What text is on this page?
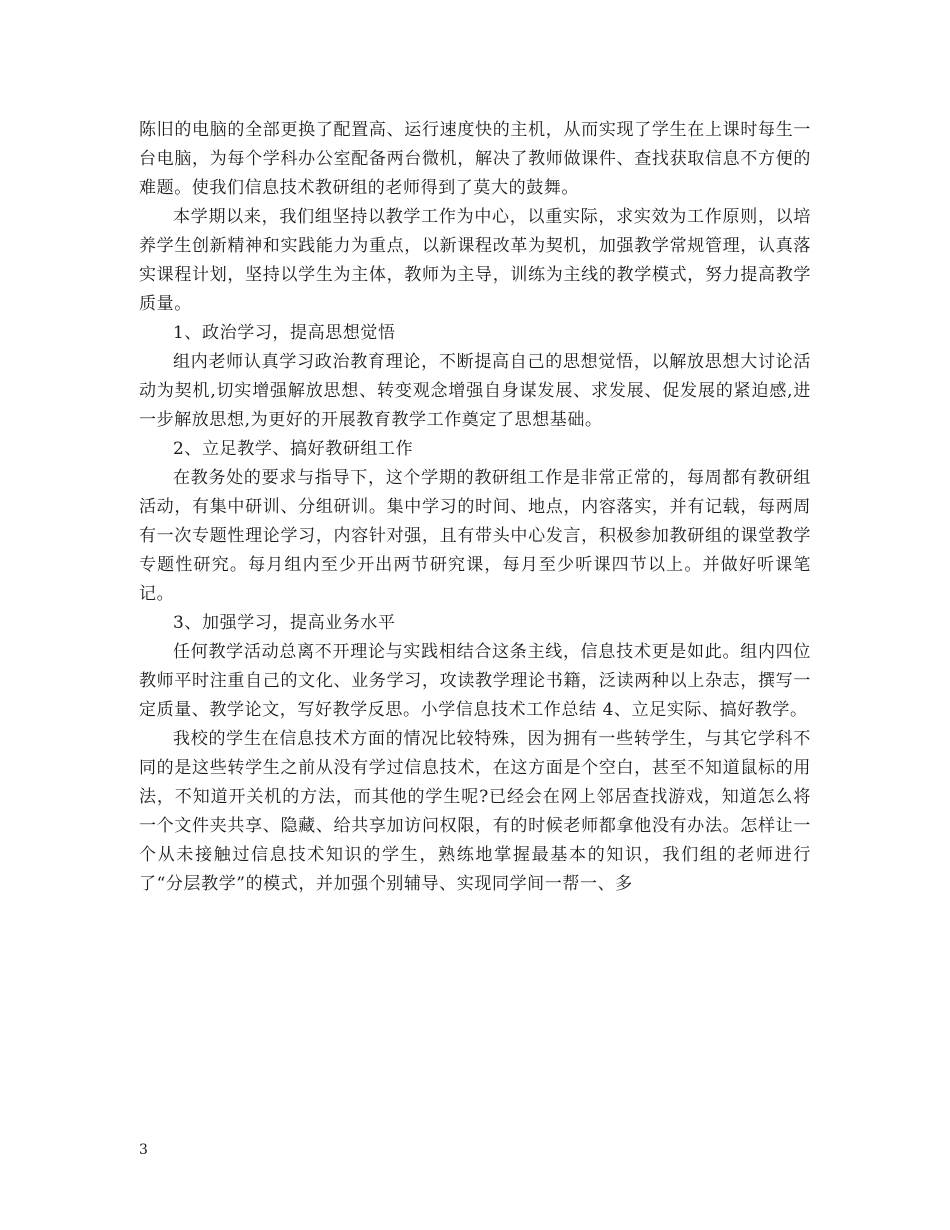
陈旧的电脑的全部更换了配置高、运行速度快的主机，从而实现了学生在上课时每生一台电脑，为每个学科办公室配备两台微机，解决了教师做课件、查找获取信息不方便的难题。使我们信息技术教研组的老师得到了莫大的鼓舞。

本学期以来，我们组坚持以教学工作为中心，以重实际，求实效为工作原则，以培养学生创新精神和实践能力为重点，以新课程改革为契机，加强教学常规管理，认真落实课程计划，坚持以学生为主体，教师为主导，训练为主线的教学模式，努力提高教学质量。

1、政治学习，提高思想觉悟

组内老师认真学习政治教育理论，不断提高自己的思想觉悟，以解放思想大讨论活动为契机,切实增强解放思想、转变观念增强自身谋发展、求发展、促发展的紧迫感,进一步解放思想,为更好的开展教育教学工作奠定了思想基础。

2、立足教学、搞好教研组工作

在教务处的要求与指导下，这个学期的教研组工作是非常正常的，每周都有教研组活动，有集中研训、分组研训。集中学习的时间、地点，内容落实，并有记载，每两周有一次专题性理论学习，内容针对强，且有带头中心发言，积极参加教研组的课堂教学专题性研究。每月组内至少开出两节研究课，每月至少听课四节以上。并做好听课笔记。

3、加强学习，提高业务水平

任何教学活动总离不开理论与实践相结合这条主线，信息技术更是如此。组内四位教师平时注重自己的文化、业务学习，攻读教学理论书籍，泛读两种以上杂志，撰写一定质量、教学论文，写好教学反思。小学信息技术工作总结 4、立足实际、搞好教学。

我校的学生在信息技术方面的情况比较特殊，因为拥有一些转学生，与其它学科不同的是这些转学生之前从没有学过信息技术，在这方面是个空白，甚至不知道鼠标的用法，不知道开关机的方法，而其他的学生呢?已经会在网上邻居查找游戏，知道怎么将一个文件夹共享、隐藏、给共享加访问权限，有的时候老师都拿他没有办法。怎样让一个从未接触过信息技术知识的学生，熟练地掌握最基本的知识，我们组的老师进行了“分层教学”的模式，并加强个别辅导、实现同学间一帮一、多

3
